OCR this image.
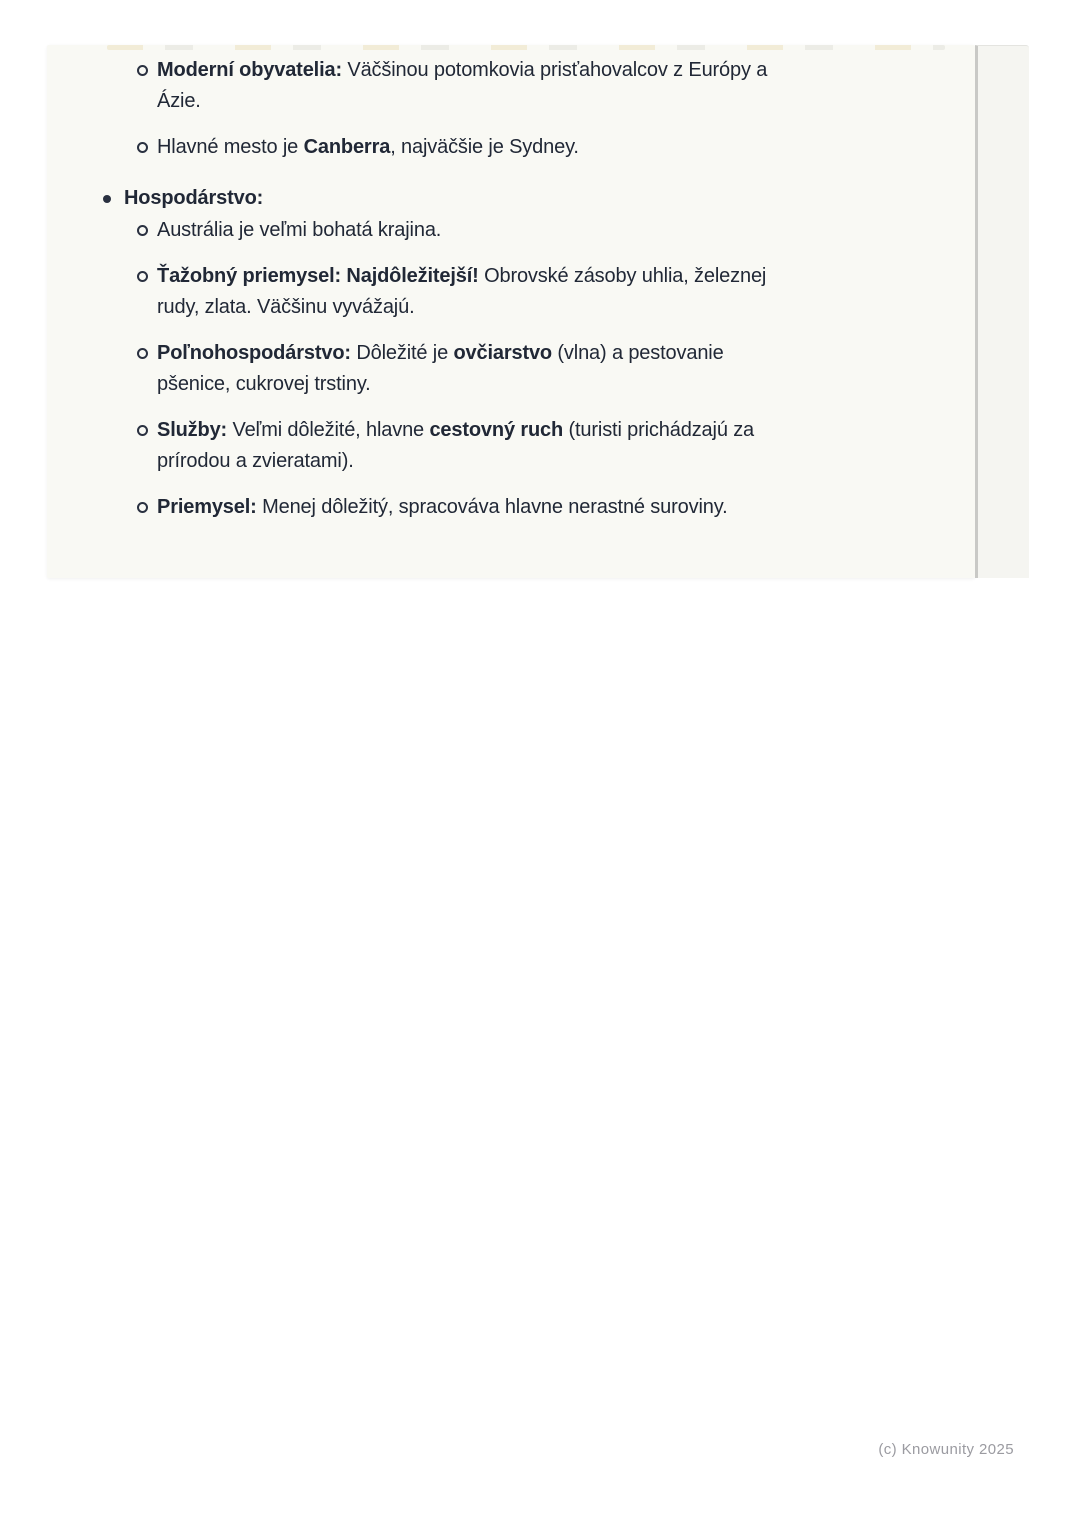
Moderní obyvatelia: Väčšinou potomkovia prisťahovalcov z Európy a
Ázie.
Hlavné mesto je Canberra, najväčšie je Sydney.
Hospodárstvo:
Austrália je veľmi bohatá krajina.
Ťažobný priemysel: Najdôležitejší! Obrovské zásoby uhlia, železnej
rudy, zlata. Väčšinu vyvážajú.
Poľnohospodárstvo: Dôležité je ovčiarstvo (vlna) a pestovanie
pšenice, cukrovej trstiny.
Služby: Veľmi dôležité, hlavne cestovný ruch (turisti prichádzajú za
prírodou a zvieratami).
Priemysel: Menej dôležitý, spracováva hlavne nerastné suroviny.
(c) Knowunity 2025
